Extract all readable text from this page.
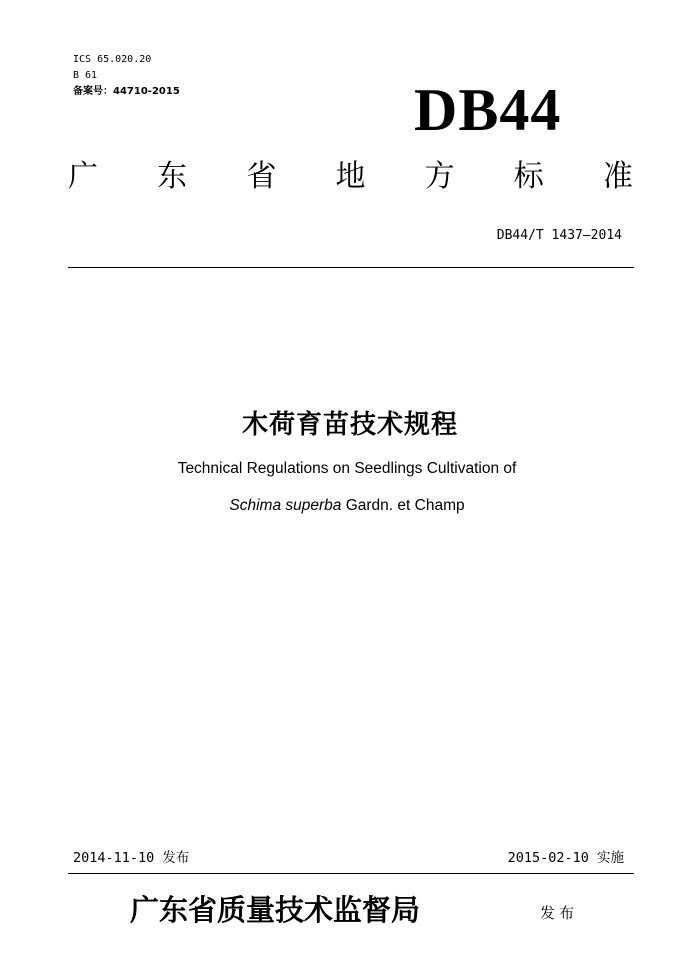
ICS 65.020.20
B 61
备案号：44710-2015	DB44
广 东 省 地 方 标 准
DB44/T 1437—2014
木荷育苗技术规程
Technical Regulations on Seedlings Cultivation of
Schima superba Gardn. et Champ
2014-11-10 发布	2015-02-10 实施
广东省质量技术监督局	发布
